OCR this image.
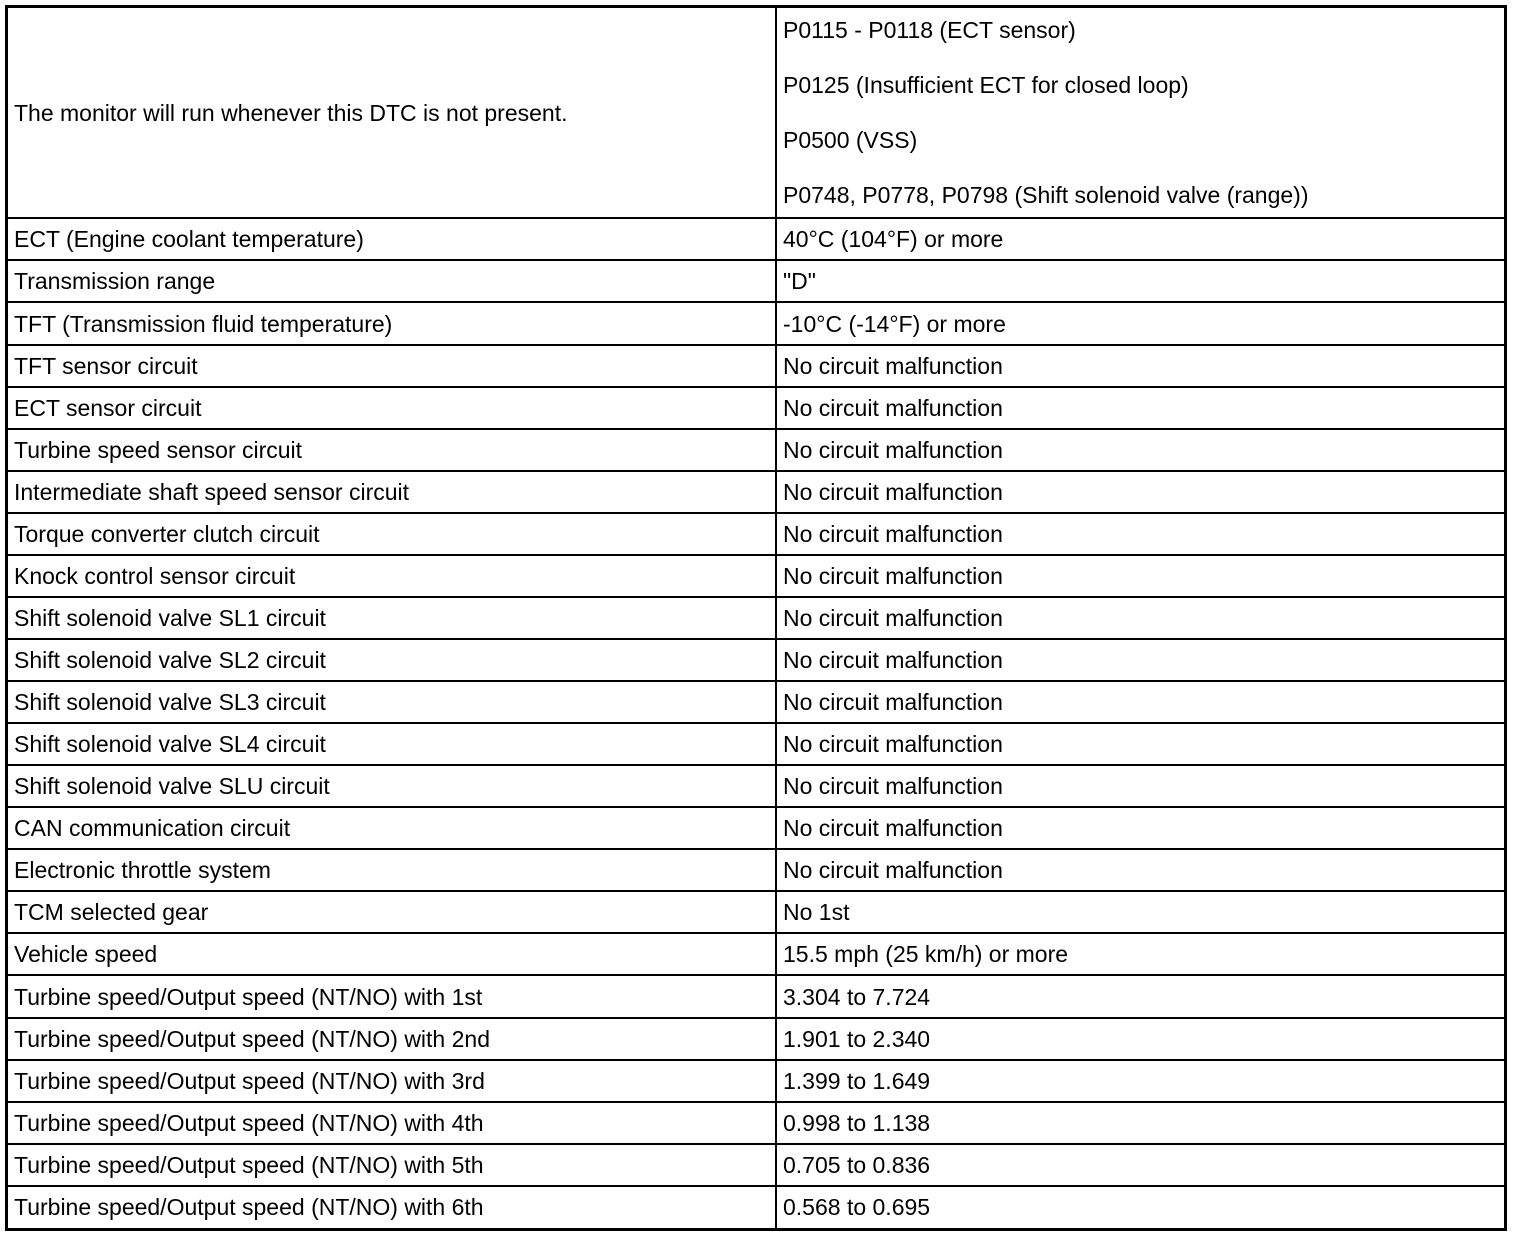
The monitor will run whenever this DTC is not present.	P0115 - P0118 (ECT sensor)
P0125 (Insufficient ECT for closed loop)
P0500 (VSS)
P0748, P0778, P0798 (Shift solenoid valve (range))

ECT (Engine coolant temperature)	40°C (104°F) or more
Transmission range	"D"
TFT (Transmission fluid temperature)	-10°C (-14°F) or more
TFT sensor circuit	No circuit malfunction
ECT sensor circuit	No circuit malfunction
Turbine speed sensor circuit	No circuit malfunction
Intermediate shaft speed sensor circuit	No circuit malfunction
Torque converter clutch circuit	No circuit malfunction
Knock control sensor circuit	No circuit malfunction
Shift solenoid valve SL1 circuit	No circuit malfunction
Shift solenoid valve SL2 circuit	No circuit malfunction
Shift solenoid valve SL3 circuit	No circuit malfunction
Shift solenoid valve SL4 circuit	No circuit malfunction
Shift solenoid valve SLU circuit	No circuit malfunction
CAN communication circuit	No circuit malfunction
Electronic throttle system	No circuit malfunction
TCM selected gear	No 1st
Vehicle speed	15.5 mph (25 km/h) or more
Turbine speed/Output speed (NT/NO) with 1st	3.304 to 7.724
Turbine speed/Output speed (NT/NO) with 2nd	1.901 to 2.340
Turbine speed/Output speed (NT/NO) with 3rd	1.399 to 1.649
Turbine speed/Output speed (NT/NO) with 4th	0.998 to 1.138
Turbine speed/Output speed (NT/NO) with 5th	0.705 to 0.836
Turbine speed/Output speed (NT/NO) with 6th	0.568 to 0.695
